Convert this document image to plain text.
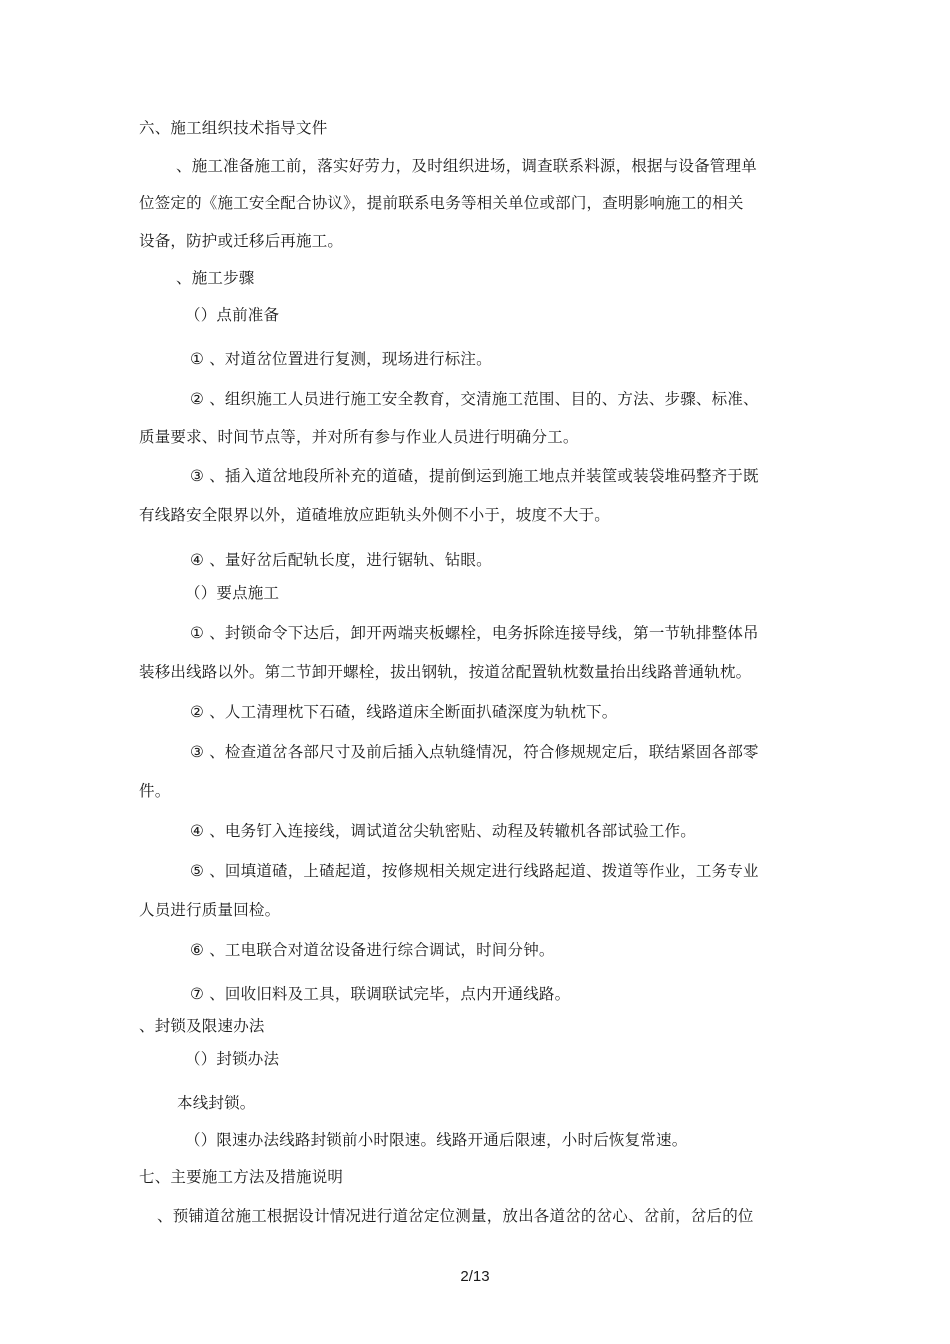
六、施工组织技术指导文件
、施工准备施工前，落实好劳力，及时组织进场，调查联系料源，根据与设备管理单
位签定的《施工安全配合协议》，提前联系电务等相关单位或部门，查明影响施工的相关
设备，防护或迁移后再施工。
、施工步骤
（）点前准备
① 、对道岔位置进行复测，现场进行标注。
② 、组织施工人员进行施工安全教育，交清施工范围、目的、方法、步骤、标准、
质量要求、时间节点等，并对所有参与作业人员进行明确分工。
③ 、插入道岔地段所补充的道碴，提前倒运到施工地点并装筐或装袋堆码整齐于既
有线路安全限界以外，道碴堆放应距轨头外侧不小于，坡度不大于。
④ 、量好岔后配轨长度，进行锯轨、钻眼。
（）要点施工
① 、封锁命令下达后，卸开两端夹板螺栓，电务拆除连接导线，第一节轨排整体吊
装移出线路以外。第二节卸开螺栓，拔出钢轨，按道岔配置轨枕数量抬出线路普通轨枕。
② 、人工清理枕下石碴，线路道床全断面扒碴深度为轨枕下。
③ 、检查道岔各部尺寸及前后插入点轨缝情况，符合修规规定后，联结紧固各部零
件。
④ 、电务钉入连接线，调试道岔尖轨密贴、动程及转辙机各部试验工作。
⑤ 、回填道碴，上碴起道，按修规相关规定进行线路起道、拨道等作业，工务专业
人员进行质量回检。
⑥ 、工电联合对道岔设备进行综合调试，时间分钟。
⑦ 、回收旧料及工具，联调联试完毕，点内开通线路。
、封锁及限速办法
（）封锁办法
本线封锁。
（）限速办法线路封锁前小时限速。线路开通后限速，小时后恢复常速。
七、主要施工方法及措施说明
、预铺道岔施工根据设计情况进行道岔定位测量，放出各道岔的岔心、岔前，岔后的位
2/13
